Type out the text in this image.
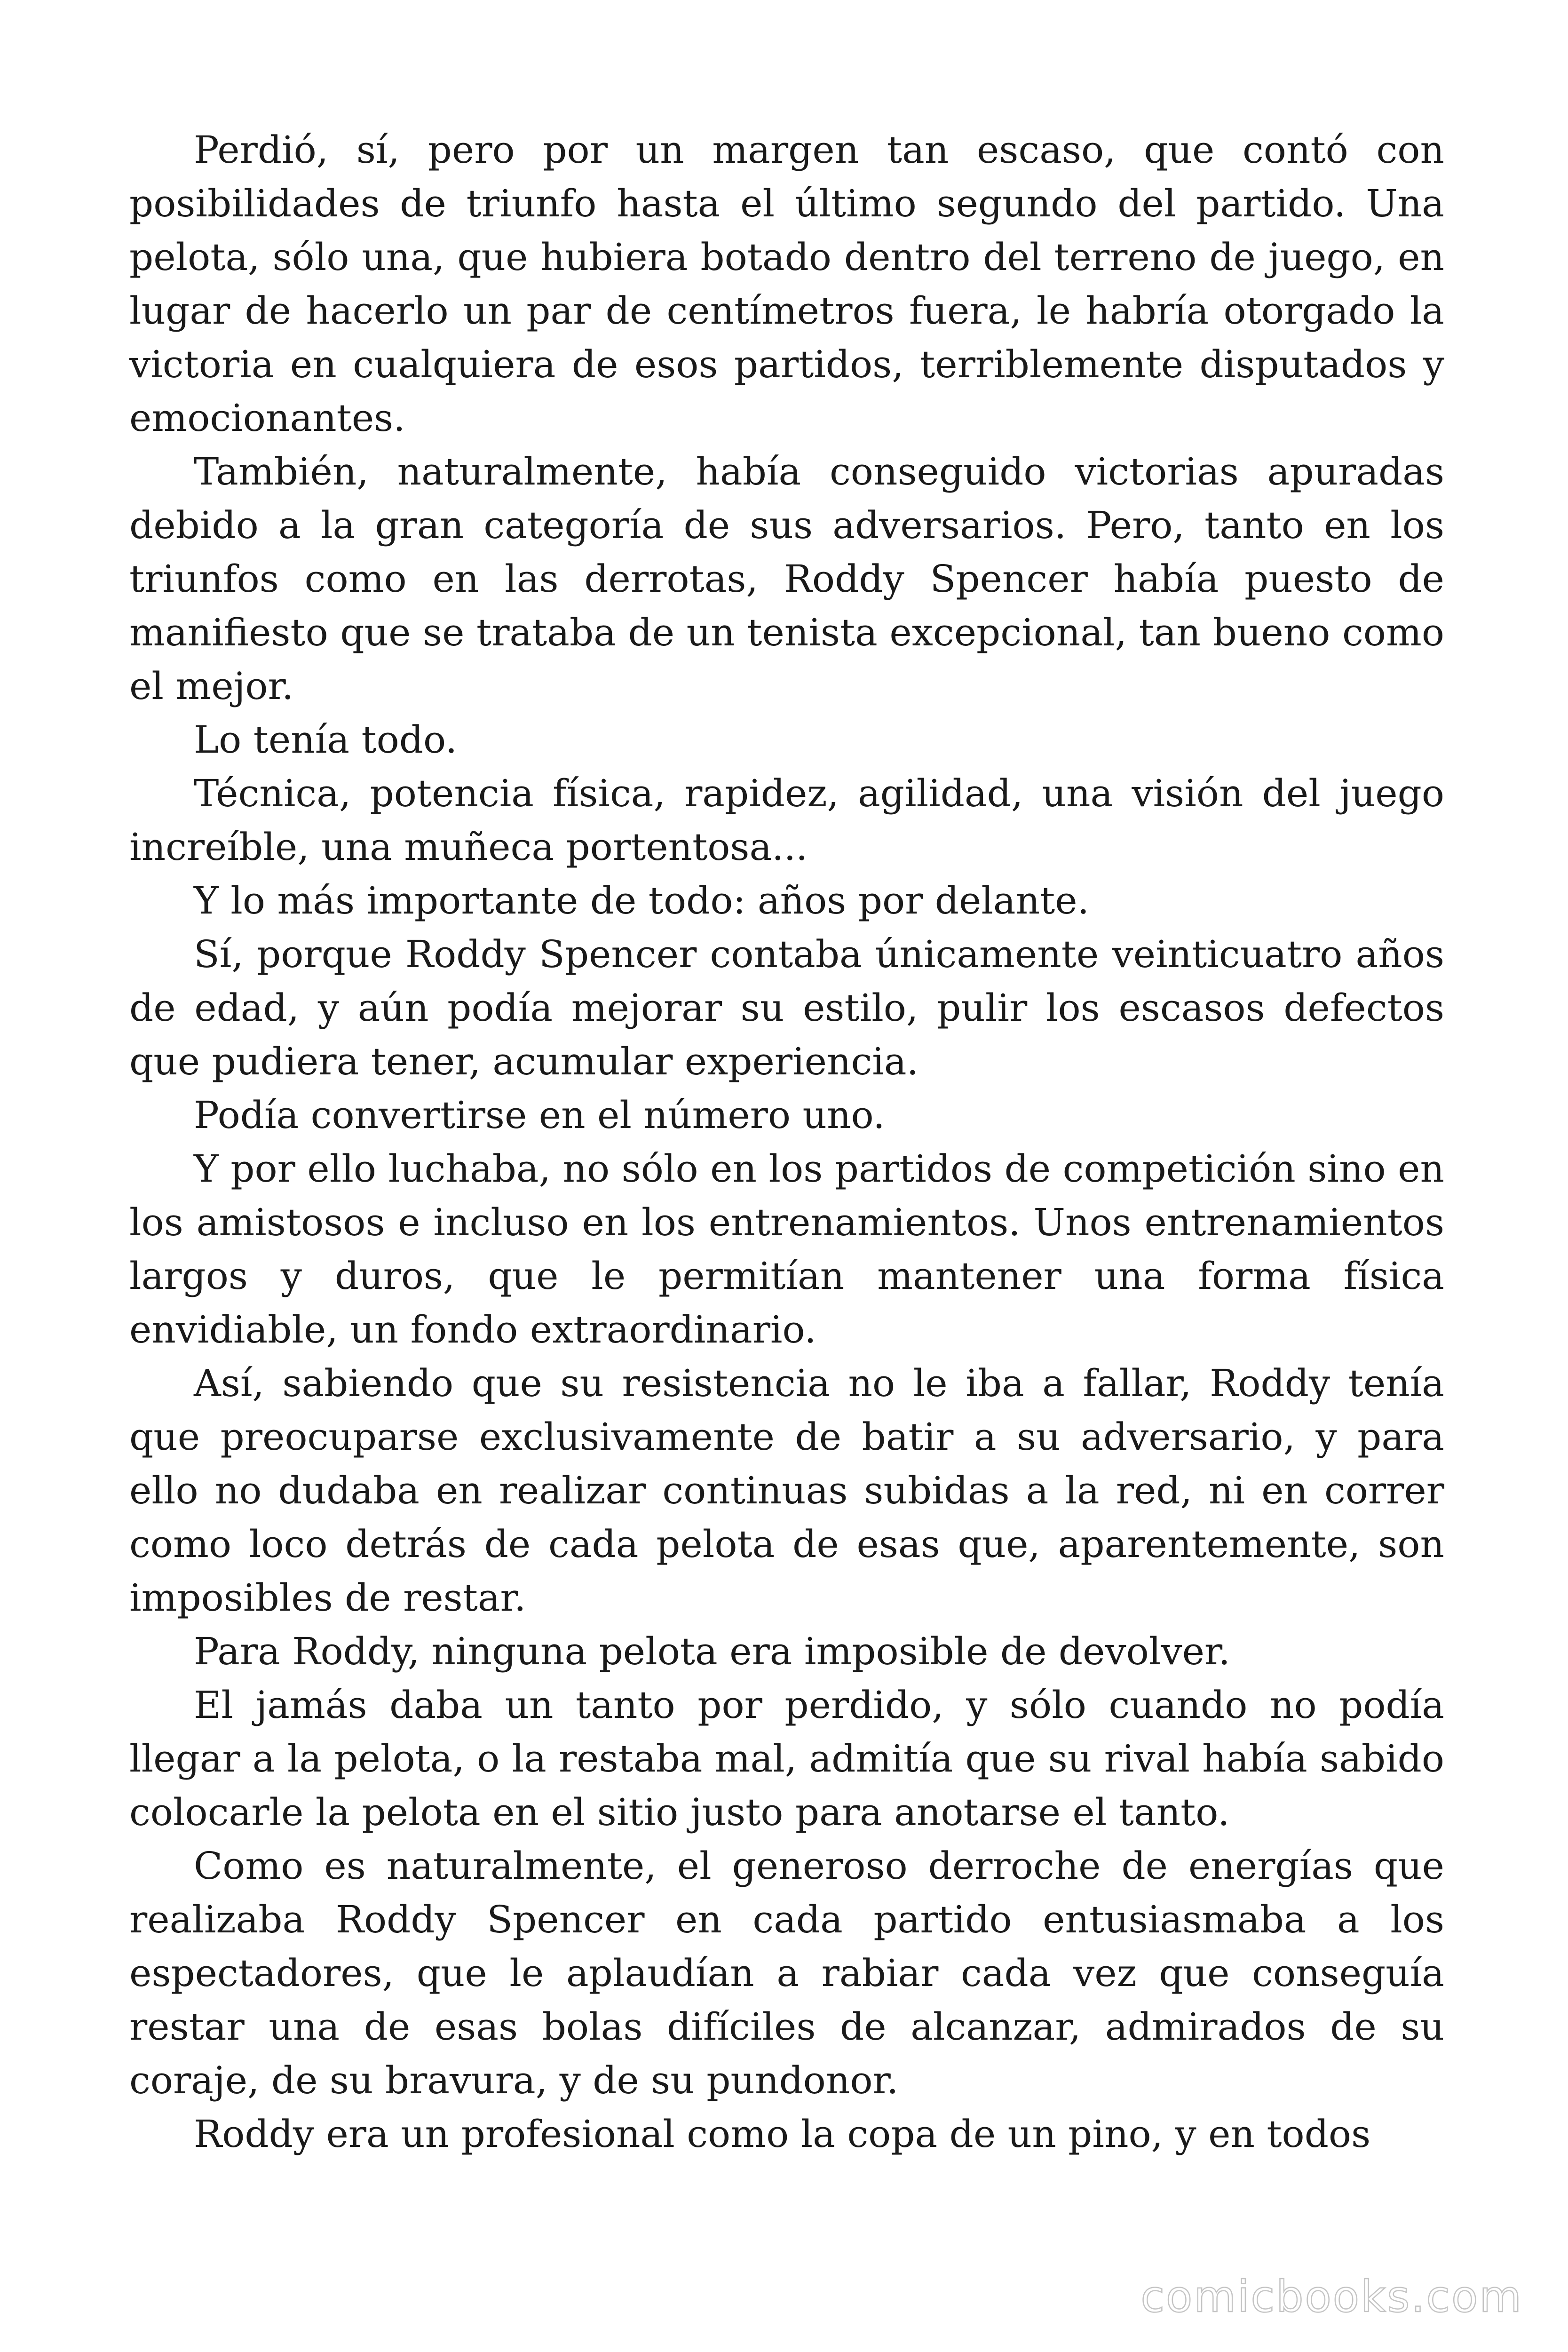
Perdió, sí, pero por un margen tan escaso, que contó con posibilidades de triunfo hasta el último segundo del partido. Una pelota, sólo una, que hubiera botado dentro del terreno de juego, en lugar de hacerlo un par de centímetros fuera, le habría otorgado la victoria en cualquiera de esos partidos, terriblemente disputados y emocionantes.

También, naturalmente, había conseguido victorias apuradas debido a la gran categoría de sus adversarios. Pero, tanto en los triunfos como en las derrotas, Roddy Spencer había puesto de manifiesto que se trataba de un tenista excepcional, tan bueno como el mejor.

Lo tenía todo.

Técnica, potencia física, rapidez, agilidad, una visión del juego increíble, una muñeca portentosa...

Y lo más importante de todo: años por delante.

Sí, porque Roddy Spencer contaba únicamente veinticuatro años de edad, y aún podía mejorar su estilo, pulir los escasos defectos que pudiera tener, acumular experiencia.

Podía convertirse en el número uno.

Y por ello luchaba, no sólo en los partidos de competición sino en los amistosos e incluso en los entrenamientos. Unos entrenamientos largos y duros, que le permitían mantener una forma física envidiable, un fondo extraordinario.

Así, sabiendo que su resistencia no le iba a fallar, Roddy tenía que preocuparse exclusivamente de batir a su adversario, y para ello no dudaba en realizar continuas subidas a la red, ni en correr como loco detrás de cada pelota de esas que, aparentemente, son imposibles de restar.

Para Roddy, ninguna pelota era imposible de devolver.

El jamás daba un tanto por perdido, y sólo cuando no podía llegar a la pelota, o la restaba mal, admitía que su rival había sabido colocarle la pelota en el sitio justo para anotarse el tanto.

Como es naturalmente, el generoso derroche de energías que realizaba Roddy Spencer en cada partido entusiasmaba a los espectadores, que le aplaudían a rabiar cada vez que conseguía restar una de esas bolas difíciles de alcanzar, admirados de su coraje, de su bravura, y de su pundonor.

Roddy era un profesional como la copa de un pino, y en todos

comicbooks.com
